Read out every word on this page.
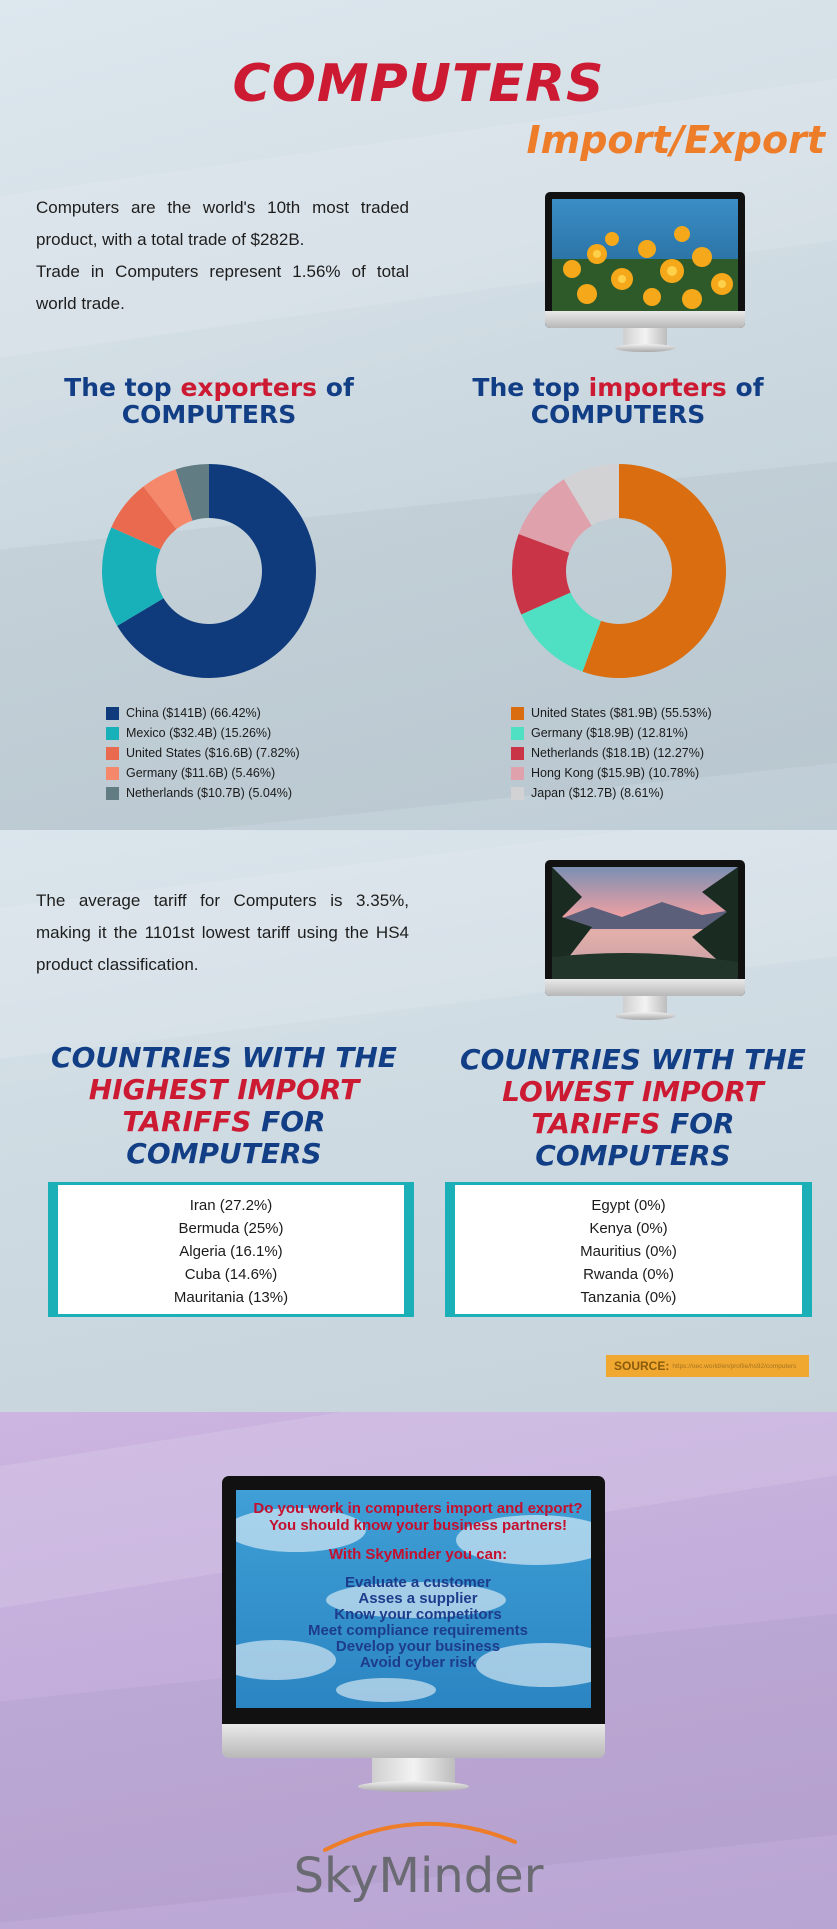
COMPUTERS
Import/Export

Computers are the world's 10th most traded product, with a total trade of $282B.

Trade in Computers represent 1.56% of total world trade.

The top exporters of
COMPUTERS
China ($141B) (66.42%)
Mexico ($32.4B) (15.26%)
United States ($16.6B) (7.82%)
Germany ($11.6B) (5.46%)
Netherlands ($10.7B) (5.04%)
The top importers of
COMPUTERS
United States ($81.9B) (55.53%)
Germany ($18.9B) (12.81%)
Netherlands ($18.1B) (12.27%)
Hong Kong ($15.9B) (10.78%)
Japan ($12.7B) (8.61%)
The average tariff for Computers is 3.35%, making it the 1101st lowest tariff using the HS4 product classification.
COUNTRIES WITH THE
HIGHEST IMPORT
TARIFFS FOR
COMPUTERS
Iran (27.2%)
Bermuda (25%)
Algeria (16.1%)
Cuba (14.6%)
Mauritania (13%)
COUNTRIES WITH THE
LOWEST IMPORT
TARIFFS FOR
COMPUTERS
Egypt (0%)
Kenya (0%)
Mauritius (0%)
Rwanda (0%)
Tanzania (0%)
SOURCE: https://oec.world/en/profile/hs92/computers
Do you work in computers import and export?
You should know your business partners!
With SkyMinder you can:
Evaluate a customer
Asses a supplier
Know your competitors
Meet compliance requirements
Develop your business
Avoid cyber risk
SkyMinder
